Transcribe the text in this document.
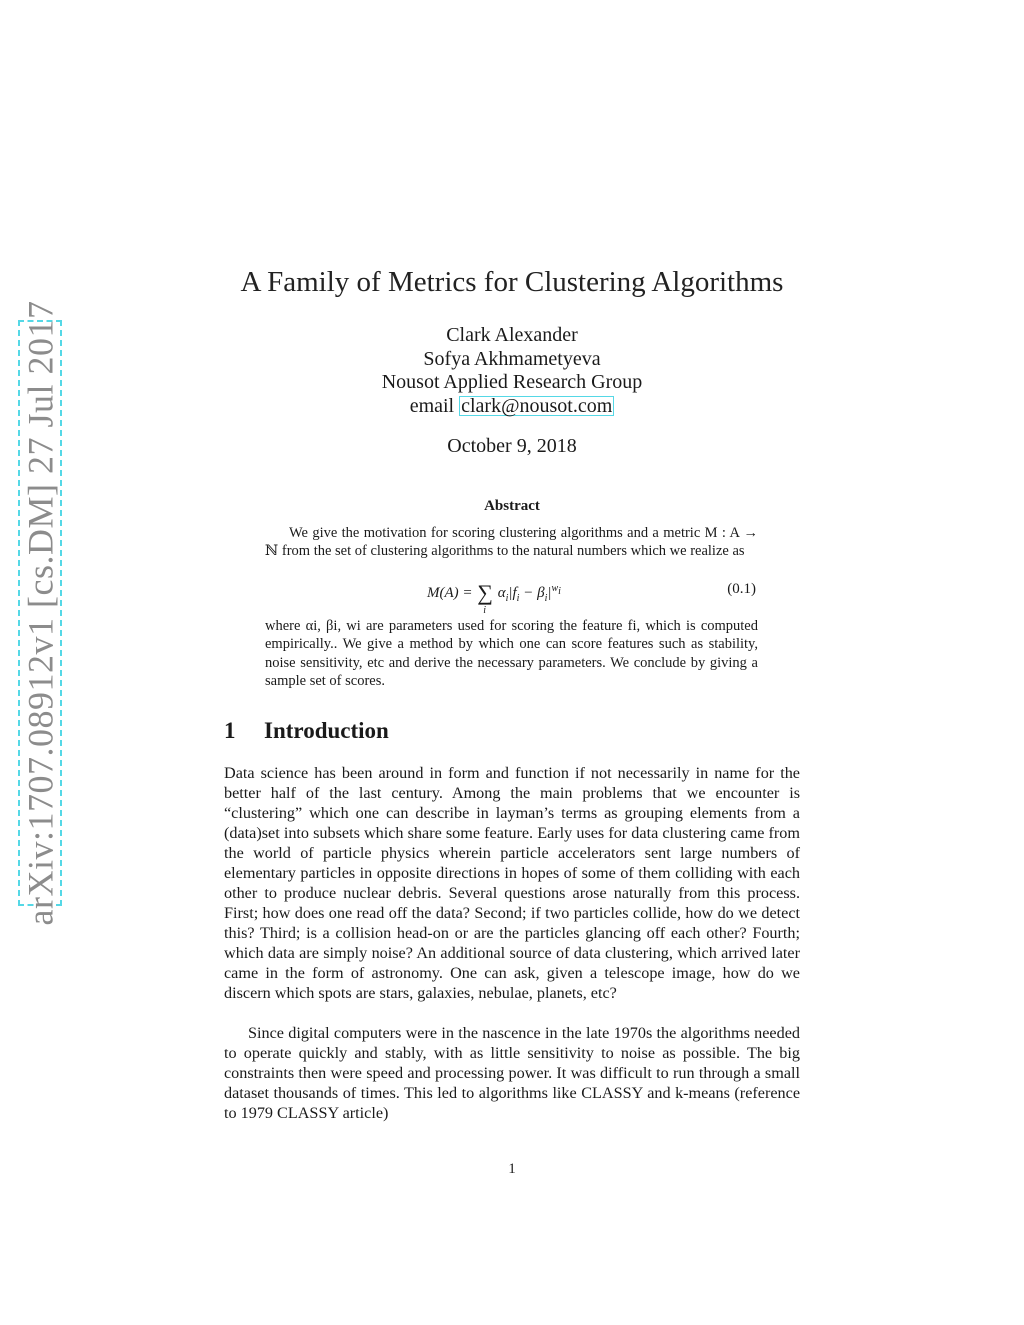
arXiv:1707.08912v1 [cs.DM] 27 Jul 2017
A Family of Metrics for Clustering Algorithms
Clark Alexander
Sofya Akhmametyeva
Nousot Applied Research Group
email clark@nousot.com
October 9, 2018
Abstract
We give the motivation for scoring clustering algorithms and a metric M : A → ℕ from the set of clustering algorithms to the natural numbers which we realize as
M(A) = ∑
i
$\alpha_i|f_i - \beta_i|^{w_i}$	(0.1)
where αi, βi, wi are parameters used for scoring the feature fi, which is computed empirically.. We give a method by which one can score features such as stability, noise sensitivity, etc and derive the necessary parameters. We conclude by giving a sample set of scores.
1 Introduction
Data science has been around in form and function if not necessarily in name for the better half of the last century. Among the main problems that we encounter is “clustering” which one can describe in layman’s terms as grouping elements from a (data)set into subsets which share some feature. Early uses for data clustering came from the world of particle physics wherein particle accelerators sent large numbers of elementary particles in opposite directions in hopes of some of them colliding with each other to produce nuclear debris. Several questions arose naturally from this process. First; how does one read off the data? Second; if two particles collide, how do we detect this? Third; is a collision head-on or are the particles glancing off each other? Fourth; which data are simply noise? An additional source of data clustering, which arrived later came in the form of astronomy. One can ask, given a telescope image, how do we discern which spots are stars, galaxies, nebulae, planets, etc?
Since digital computers were in the nascence in the late 1970s the algorithms needed to operate quickly and stably, with as little sensitivity to noise as possible. The big constraints then were speed and processing power. It was difficult to run through a small dataset thousands of times. This led to algorithms like CLASSY and k-means (reference to 1979 CLASSY article)
1
